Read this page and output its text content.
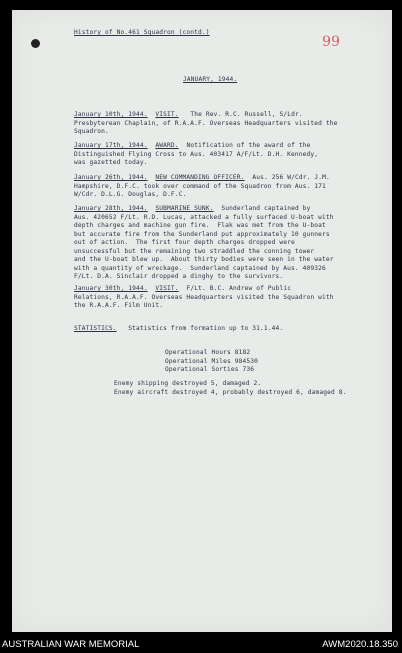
99
History of No.461 Squadron (contd.)
JANUARY, 1944.
January 10th, 1944. VISIT. The Rev. R.C. Russell, S/Ldr.
Presbyterean Chaplain, of R.A.A.F. Overseas Headquarters visited the
Squadron.
January 17th, 1944. AWARD. Notification of the award of the
Distinguished Flying Cross to Aus. 403417 A/F/Lt. D.H. Kennedy,
was gazetted today.
January 26th, 1944. NEW COMMANDING OFFICER. Aus. 256 W/Cdr. J.M.
Hampshire, D.F.C. took over command of the Squadron from Aus. 171
W/Cdr. D.L.G. Douglas, D.F.C.
January 28th, 1944. SUBMARINE SUNK. Sunderland captained by
Aus. 420652 F/Lt. R.D. Lucas, attacked a fully surfaced U-boat with
depth charges and machine gun fire.  Flak was met from the U-boat
but accurate fire from the Sunderland put approximately 10 gunners
out of action.  The first four depth charges dropped were
unsuccessful but the remaining two straddled the conning tower
and the U-boat blew up.  About thirty bodies were seen in the water
with a quantity of wreckage.  Sunderland captained by Aus. 409326
F/Lt. D.A. Sinclair dropped a dinghy to the survivors.
January 30th, 1944. VISIT. F/Lt. B.C. Andrew of Public
Relations, R.A.A.F. Overseas Headquarters visited the Squadron with
the R.A.A.F. Film Unit.
STATISTICS. Statistics from formation up to 31.1.44.
Operational Hours 8182
Operational Miles 984530
Operational Sorties 736
Enemy shipping destroyed 5, damaged 2.
Enemy aircraft destroyed 4, probably destroyed 6, damaged 8.
AUSTRALIAN WAR MEMORIAL	AWM2020.18.350
